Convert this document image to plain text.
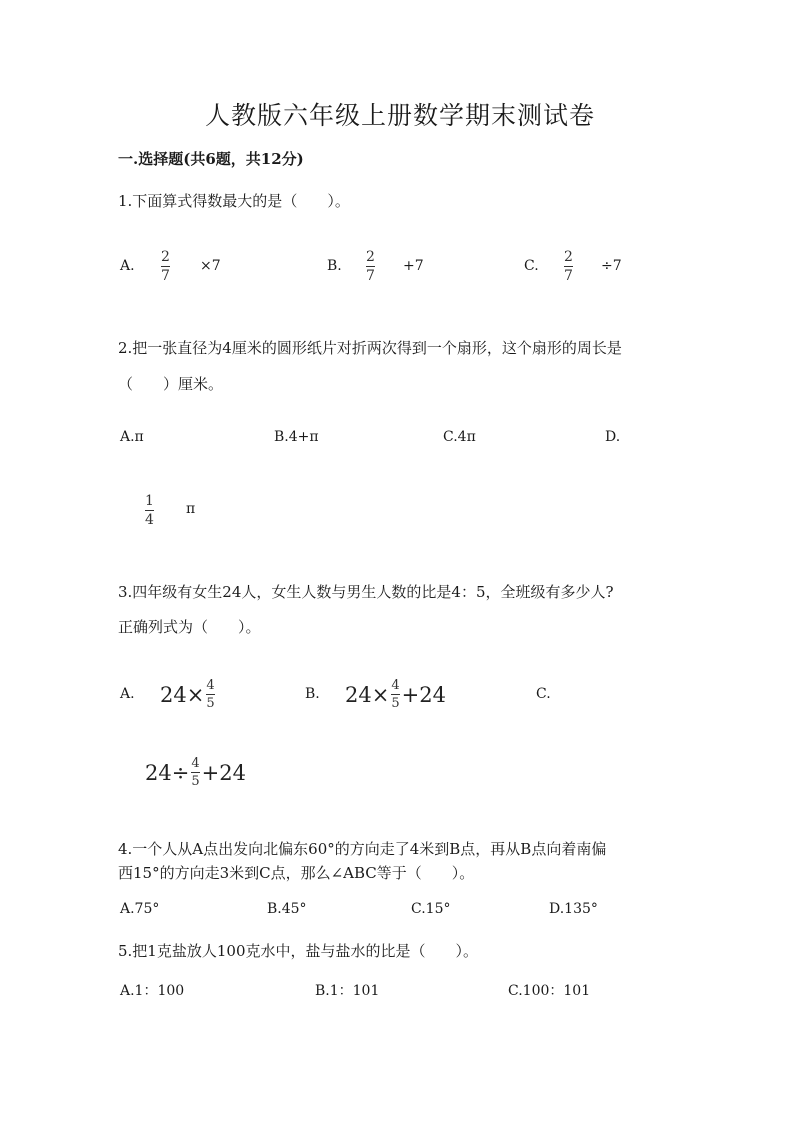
人教版六年级上册数学期末测试卷
一.选择题(共6题，共12分)
1.下面算式得数最大的是（　　）。
A.
2
7
×7	B.
2
7
+7	C.
2
7
÷7
2.把一张直径为4厘米的圆形纸片对折两次得到一个扇形，这个扇形的周长是
（　　）厘米。
A.π	B.4+π	C.4π	D.
1
4
π
3.四年级有女生24人，女生人数与男生人数的比是4：5，全班级有多少人?
正确列式为（　　）。
A. $24\times \frac{4}{5}$	B. $24\times \frac{4}{5} +24$	C.
$24\div \frac{4}{5} +24$
4.一个人从A点出发向北偏东60°的方向走了4米到B点，再从B点向着南偏
西15°的方向走3米到C点，那么∠ABC等于（　　）。
A.75°	B.45°	C.15°	D.135°
5.把1克盐放人100克水中，盐与盐水的比是（　　）。
A.1：100	B.1：101	C.100：101
